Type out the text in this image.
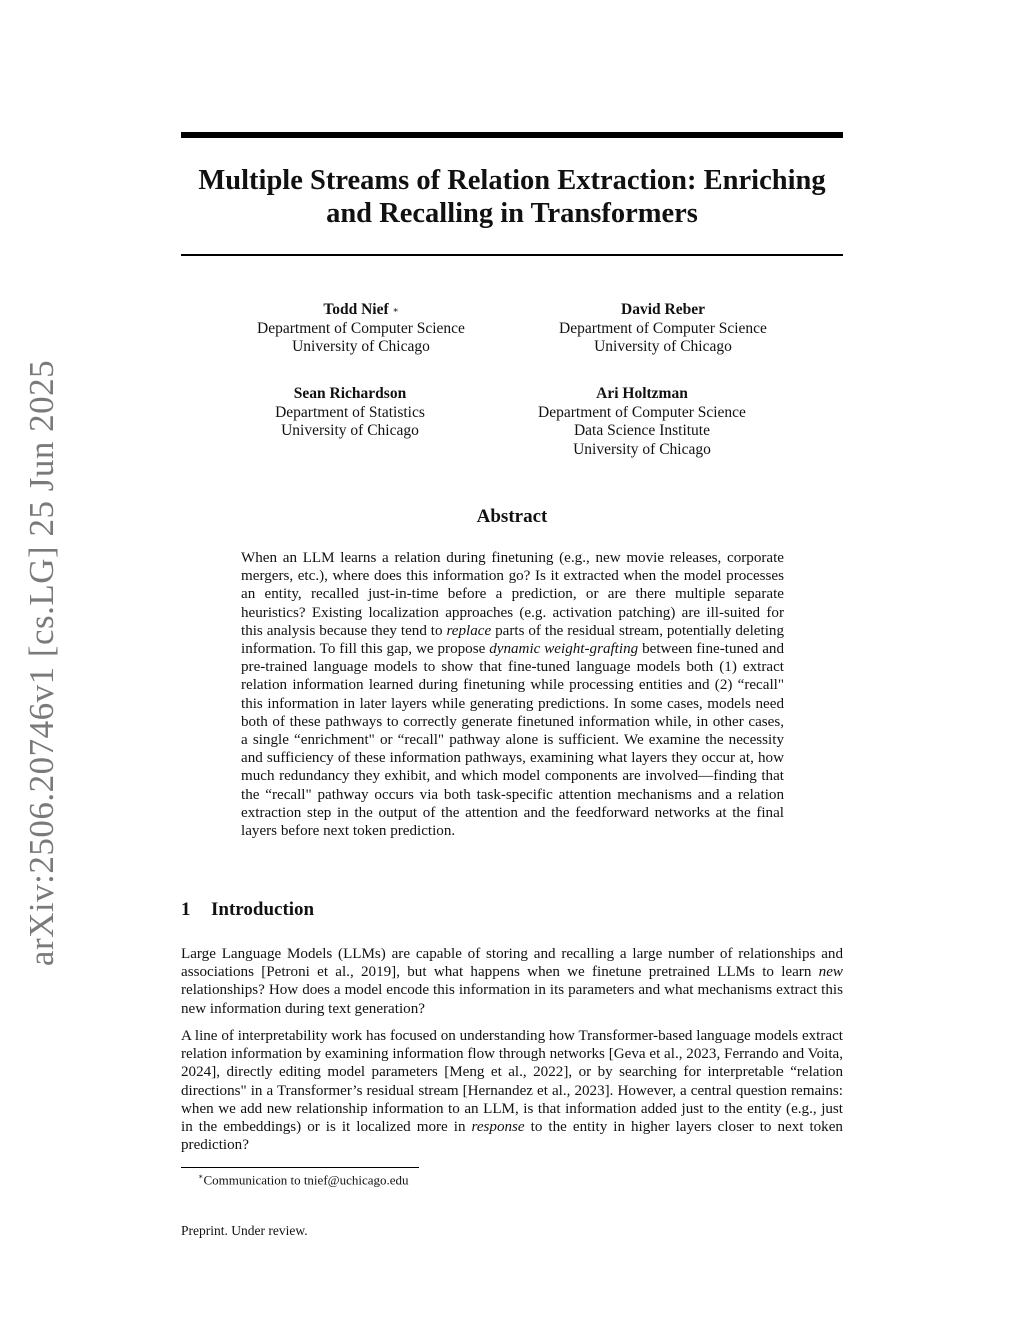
arXiv:2506.20746v1 [cs.LG] 25 Jun 2025
Multiple Streams of Relation Extraction: Enriching and Recalling in Transformers
Todd Nief ∗
Department of Computer Science
University of Chicago
David Reber
Department of Computer Science
University of Chicago
Sean Richardson
Department of Statistics
University of Chicago
Ari Holtzman
Department of Computer Science
Data Science Institute
University of Chicago
Abstract

When an LLM learns a relation during finetuning (e.g., new movie releases, corporate mergers, etc.), where does this information go? Is it extracted when the model processes an entity, recalled just-in-time before a prediction, or are there multiple separate heuristics? Existing localization approaches (e.g. activation patching) are ill-suited for this analysis because they tend to replace parts of the residual stream, potentially deleting information. To fill this gap, we propose dynamic weight-grafting between fine-tuned and pre-trained language models to show that fine-tuned language models both (1) extract relation information learned during finetuning while processing entities and (2) “recall" this information in later layers while generating predictions. In some cases, models need both of these pathways to correctly generate finetuned information while, in other cases, a single “enrichment" or “recall" pathway alone is sufficient. We examine the necessity and sufficiency of these information pathways, examining what layers they occur at, how much redundancy they exhibit, and which model components are involved—finding that the “recall" pathway occurs via both task-specific attention mechanisms and a relation extraction step in the output of the attention and the feedforward networks at the final layers before next token prediction.

1 Introduction

Large Language Models (LLMs) are capable of storing and recalling a large number of relationships and associations [Petroni et al., 2019], but what happens when we finetune pretrained LLMs to learn new relationships? How does a model encode this information in its parameters and what mechanisms extract this new information during text generation?

A line of interpretability work has focused on understanding how Transformer-based language models extract relation information by examining information flow through networks [Geva et al., 2023, Ferrando and Voita, 2024], directly editing model parameters [Meng et al., 2022], or by searching for interpretable “relation directions" in a Transformer’s residual stream [Hernandez et al., 2023]. However, a central question remains: when we add new relationship information to an LLM, is that information added just to the entity (e.g., just in the embeddings) or is it localized more in response to the entity in higher layers closer to next token prediction?

∗Communication to tnief@uchicago.edu

Preprint. Under review.
